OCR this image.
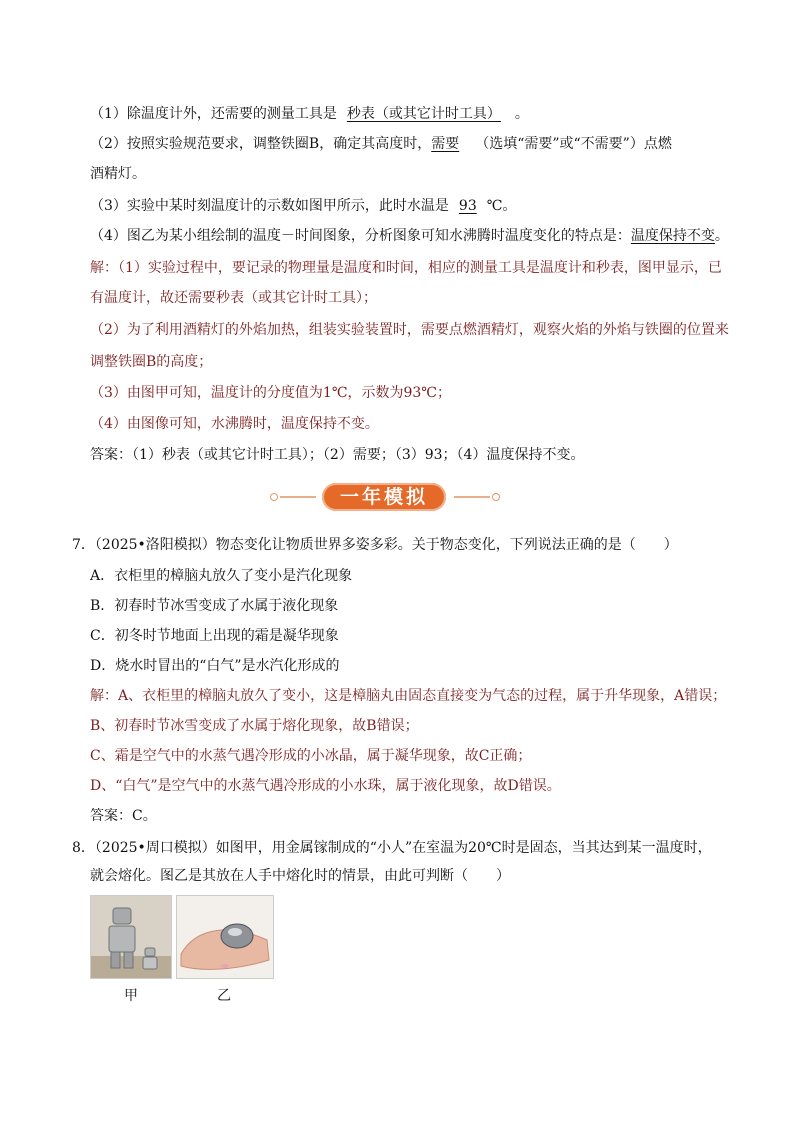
（1）除温度计外，还需要的测量工具是 秒表（或其它计时工具） 。
（2）按照实验规范要求，调整铁圈B，确定其高度时，需要 （选填“需要”或“不需要”）点燃
酒精灯。
（3）实验中某时刻温度计的示数如图甲所示，此时水温是 93 ℃。
（4）图乙为某小组绘制的温度－时间图象，分析图象可知水沸腾时温度变化的特点是：温度保持不变。
解：（1）实验过程中，要记录的物理量是温度和时间，相应的测量工具是温度计和秒表，图甲显示，已
有温度计，故还需要秒表（或其它计时工具）；
（2）为了利用酒精灯的外焰加热，组装实验装置时，需要点燃酒精灯，观察火焰的外焰与铁圈的位置来
调整铁圈B的高度；
（3）由图甲可知，温度计的分度值为1℃，示数为93℃；
（4）由图像可知，水沸腾时，温度保持不变。
答案：（1）秒表（或其它计时工具）；（2）需要；（3）93；（4）温度保持不变。
一年模拟
7．（2025•洛阳模拟）物态变化让物质世界多姿多彩。关于物态变化，下列说法正确的是（　　）
A．衣柜里的樟脑丸放久了变小是汽化现象
B．初春时节冰雪变成了水属于液化现象
C．初冬时节地面上出现的霜是凝华现象
D．烧水时冒出的“白气”是水汽化形成的
解：A、衣柜里的樟脑丸放久了变小，这是樟脑丸由固态直接变为气态的过程，属于升华现象，A错误；
B、初春时节冰雪变成了水属于熔化现象，故B错误；
C、霜是空气中的水蒸气遇冷形成的小冰晶，属于凝华现象，故C正确；
D、“白气”是空气中的水蒸气遇冷形成的小水珠，属于液化现象，故D错误。
答案：C。
8．（2025•周口模拟）如图甲，用金属镓制成的“小人”在室温为20℃时是固态，当其达到某一温度时，
就会熔化。图乙是其放在人手中熔化时的情景，由此可判断（　　）
甲	乙
